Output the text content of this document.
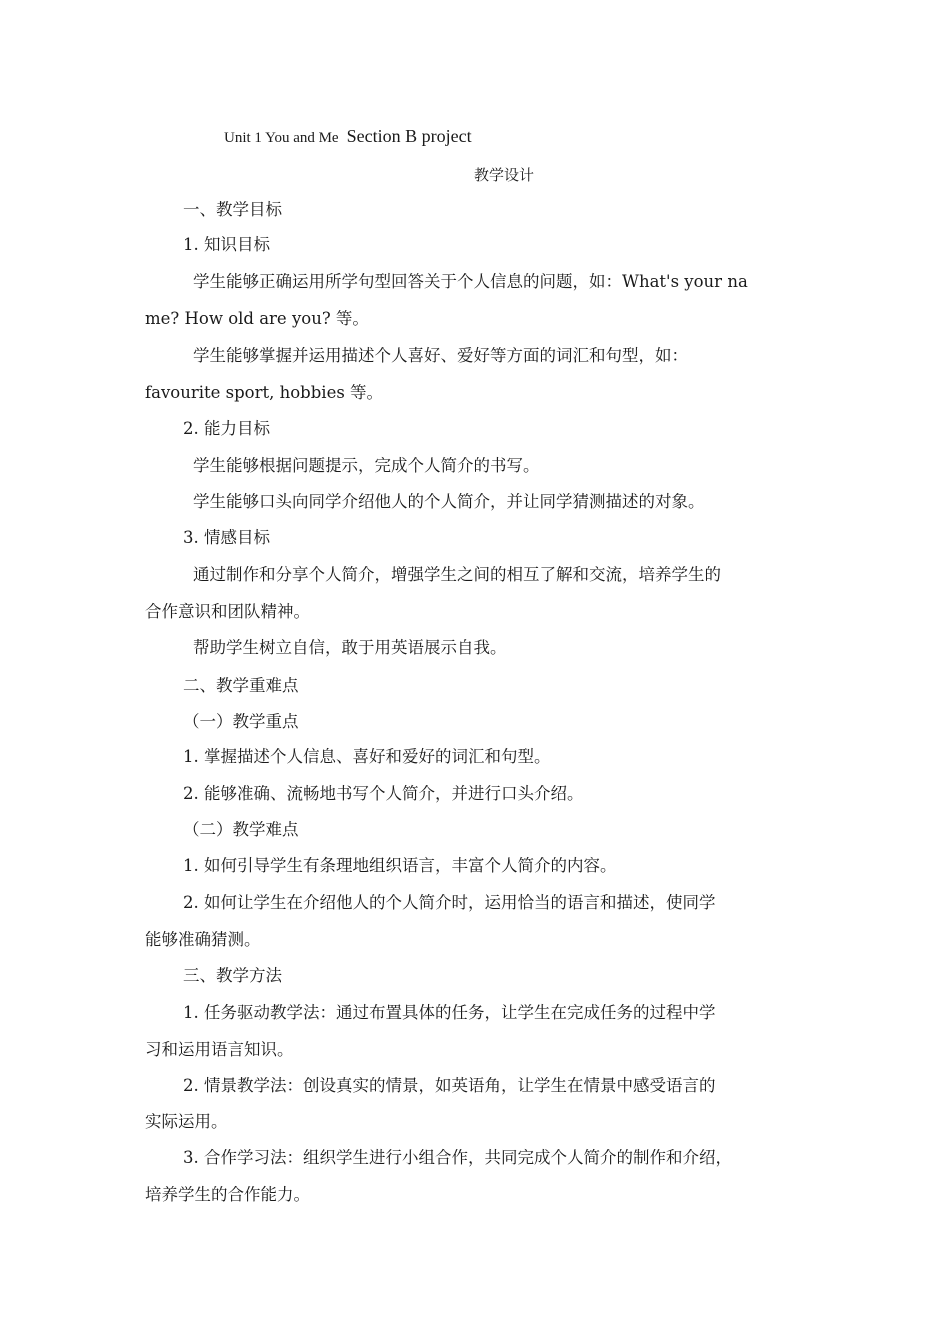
Unit 1 You and Me Section B project
教学设计
一、教学目标
1. 知识目标
学生能够正确运用所学句型回答关于个人信息的问题，如：What's your na
me? How old are you? 等。
学生能够掌握并运用描述个人喜好、爱好等方面的词汇和句型，如：
favourite sport, hobbies 等。
2. 能力目标
学生能够根据问题提示，完成个人简介的书写。
学生能够口头向同学介绍他人的个人简介，并让同学猜测描述的对象。
3. 情感目标
通过制作和分享个人简介，增强学生之间的相互了解和交流，培养学生的
合作意识和团队精神。
帮助学生树立自信，敢于用英语展示自我。
二、教学重难点
（一）教学重点
1. 掌握描述个人信息、喜好和爱好的词汇和句型。
2. 能够准确、流畅地书写个人简介，并进行口头介绍。
（二）教学难点
1. 如何引导学生有条理地组织语言，丰富个人简介的内容。
2. 如何让学生在介绍他人的个人简介时，运用恰当的语言和描述，使同学
能够准确猜测。
三、教学方法
1. 任务驱动教学法：通过布置具体的任务，让学生在完成任务的过程中学
习和运用语言知识。
2. 情景教学法：创设真实的情景，如英语角，让学生在情景中感受语言的
实际运用。
3. 合作学习法：组织学生进行小组合作，共同完成个人简介的制作和介绍，
培养学生的合作能力。
